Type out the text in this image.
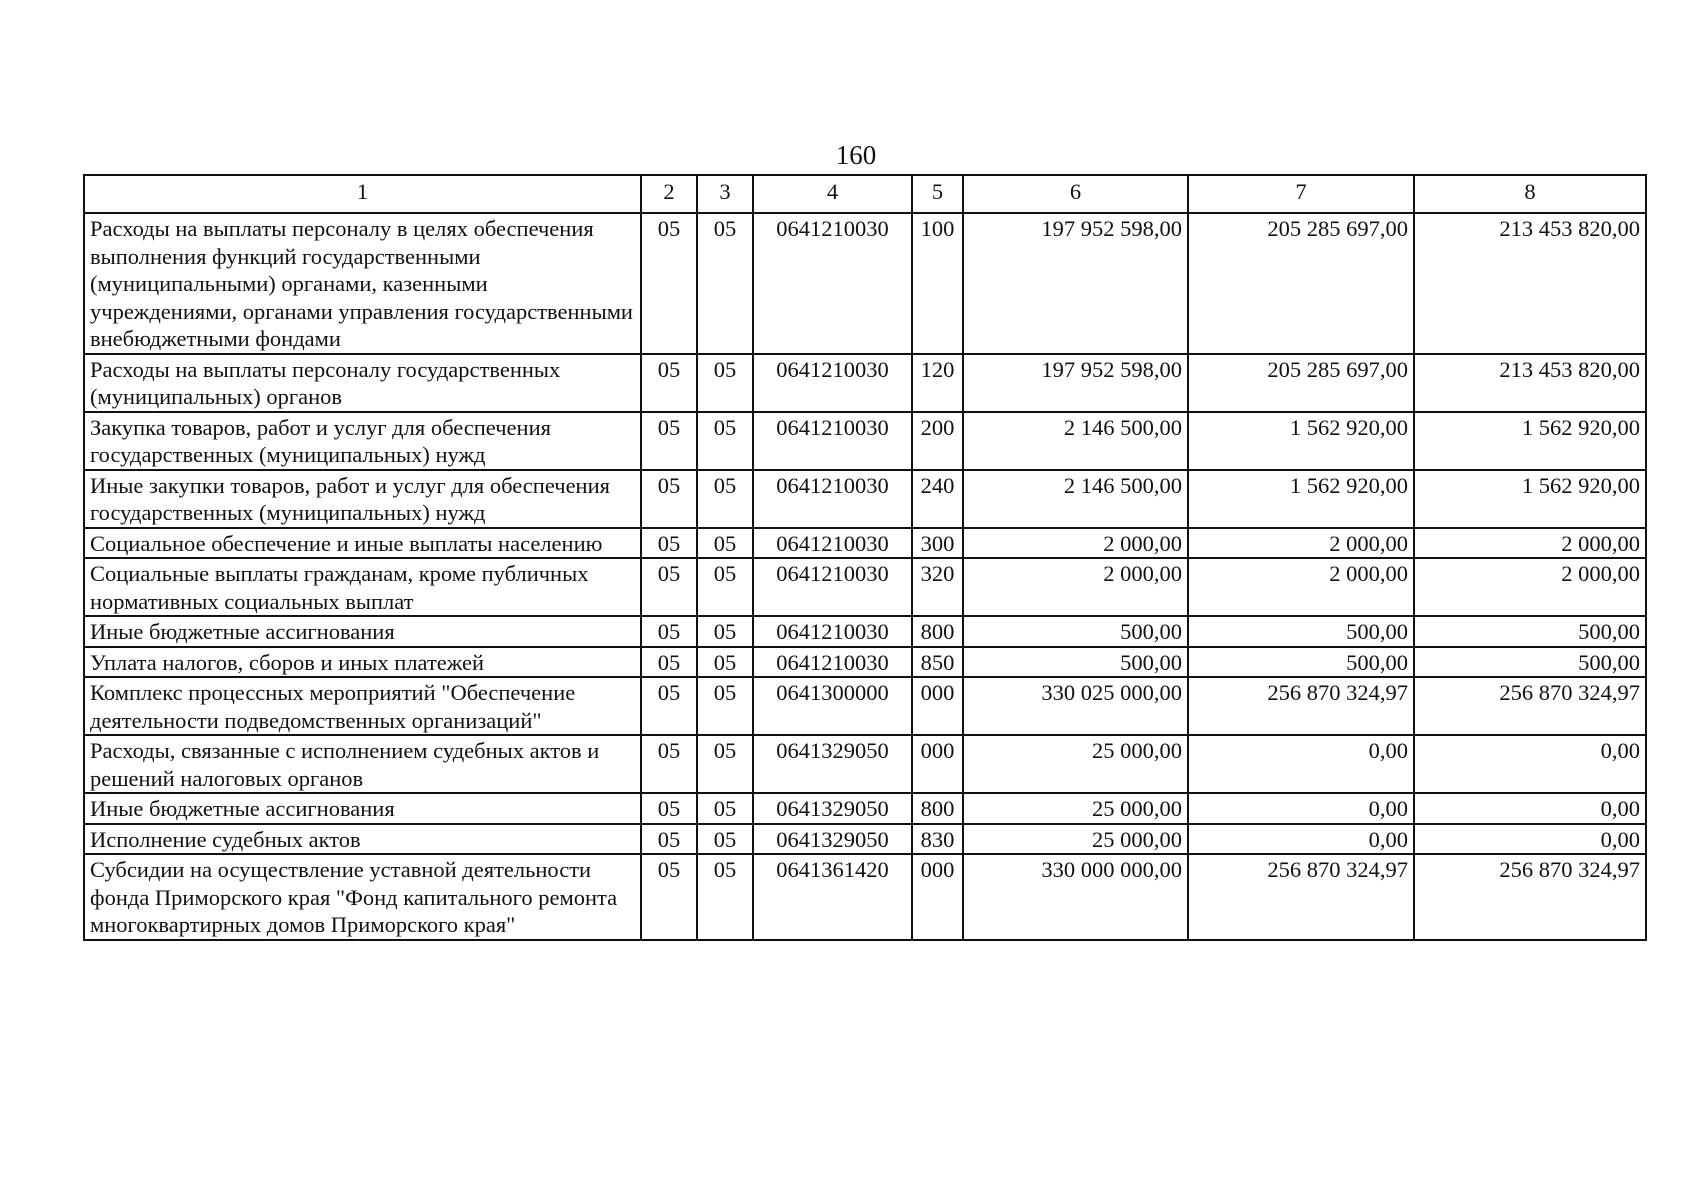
160
1	2	3	4	5	6	7	8
Расходы на выплаты персоналу в целях обеспечения выполнения функций государственными (муниципальными) органами, казенными учреждениями, органами управления государственными внебюджетными фондами	05	05	0641210030	100	197 952 598,00	205 285 697,00	213 453 820,00
Расходы на выплаты персоналу государственных (муниципальных) органов	05	05	0641210030	120	197 952 598,00	205 285 697,00	213 453 820,00
Закупка товаров, работ и услуг для обеспечения государственных (муниципальных) нужд	05	05	0641210030	200	2 146 500,00	1 562 920,00	1 562 920,00
Иные закупки товаров, работ и услуг для обеспечения государственных (муниципальных) нужд	05	05	0641210030	240	2 146 500,00	1 562 920,00	1 562 920,00
Социальное обеспечение и иные выплаты населению	05	05	0641210030	300	2 000,00	2 000,00	2 000,00
Социальные выплаты гражданам, кроме публичных нормативных социальных выплат	05	05	0641210030	320	2 000,00	2 000,00	2 000,00
Иные бюджетные ассигнования	05	05	0641210030	800	500,00	500,00	500,00
Уплата налогов, сборов и иных платежей	05	05	0641210030	850	500,00	500,00	500,00
Комплекс процессных мероприятий "Обеспечение деятельности подведомственных организаций"	05	05	0641300000	000	330 025 000,00	256 870 324,97	256 870 324,97
Расходы, связанные с исполнением судебных актов и решений налоговых органов	05	05	0641329050	000	25 000,00	0,00	0,00
Иные бюджетные ассигнования	05	05	0641329050	800	25 000,00	0,00	0,00
Исполнение судебных актов	05	05	0641329050	830	25 000,00	0,00	0,00
Субсидии на осуществление уставной деятельности фонда Приморского края "Фонд капитального ремонта многоквартирных домов Приморского края"	05	05	0641361420	000	330 000 000,00	256 870 324,97	256 870 324,97
